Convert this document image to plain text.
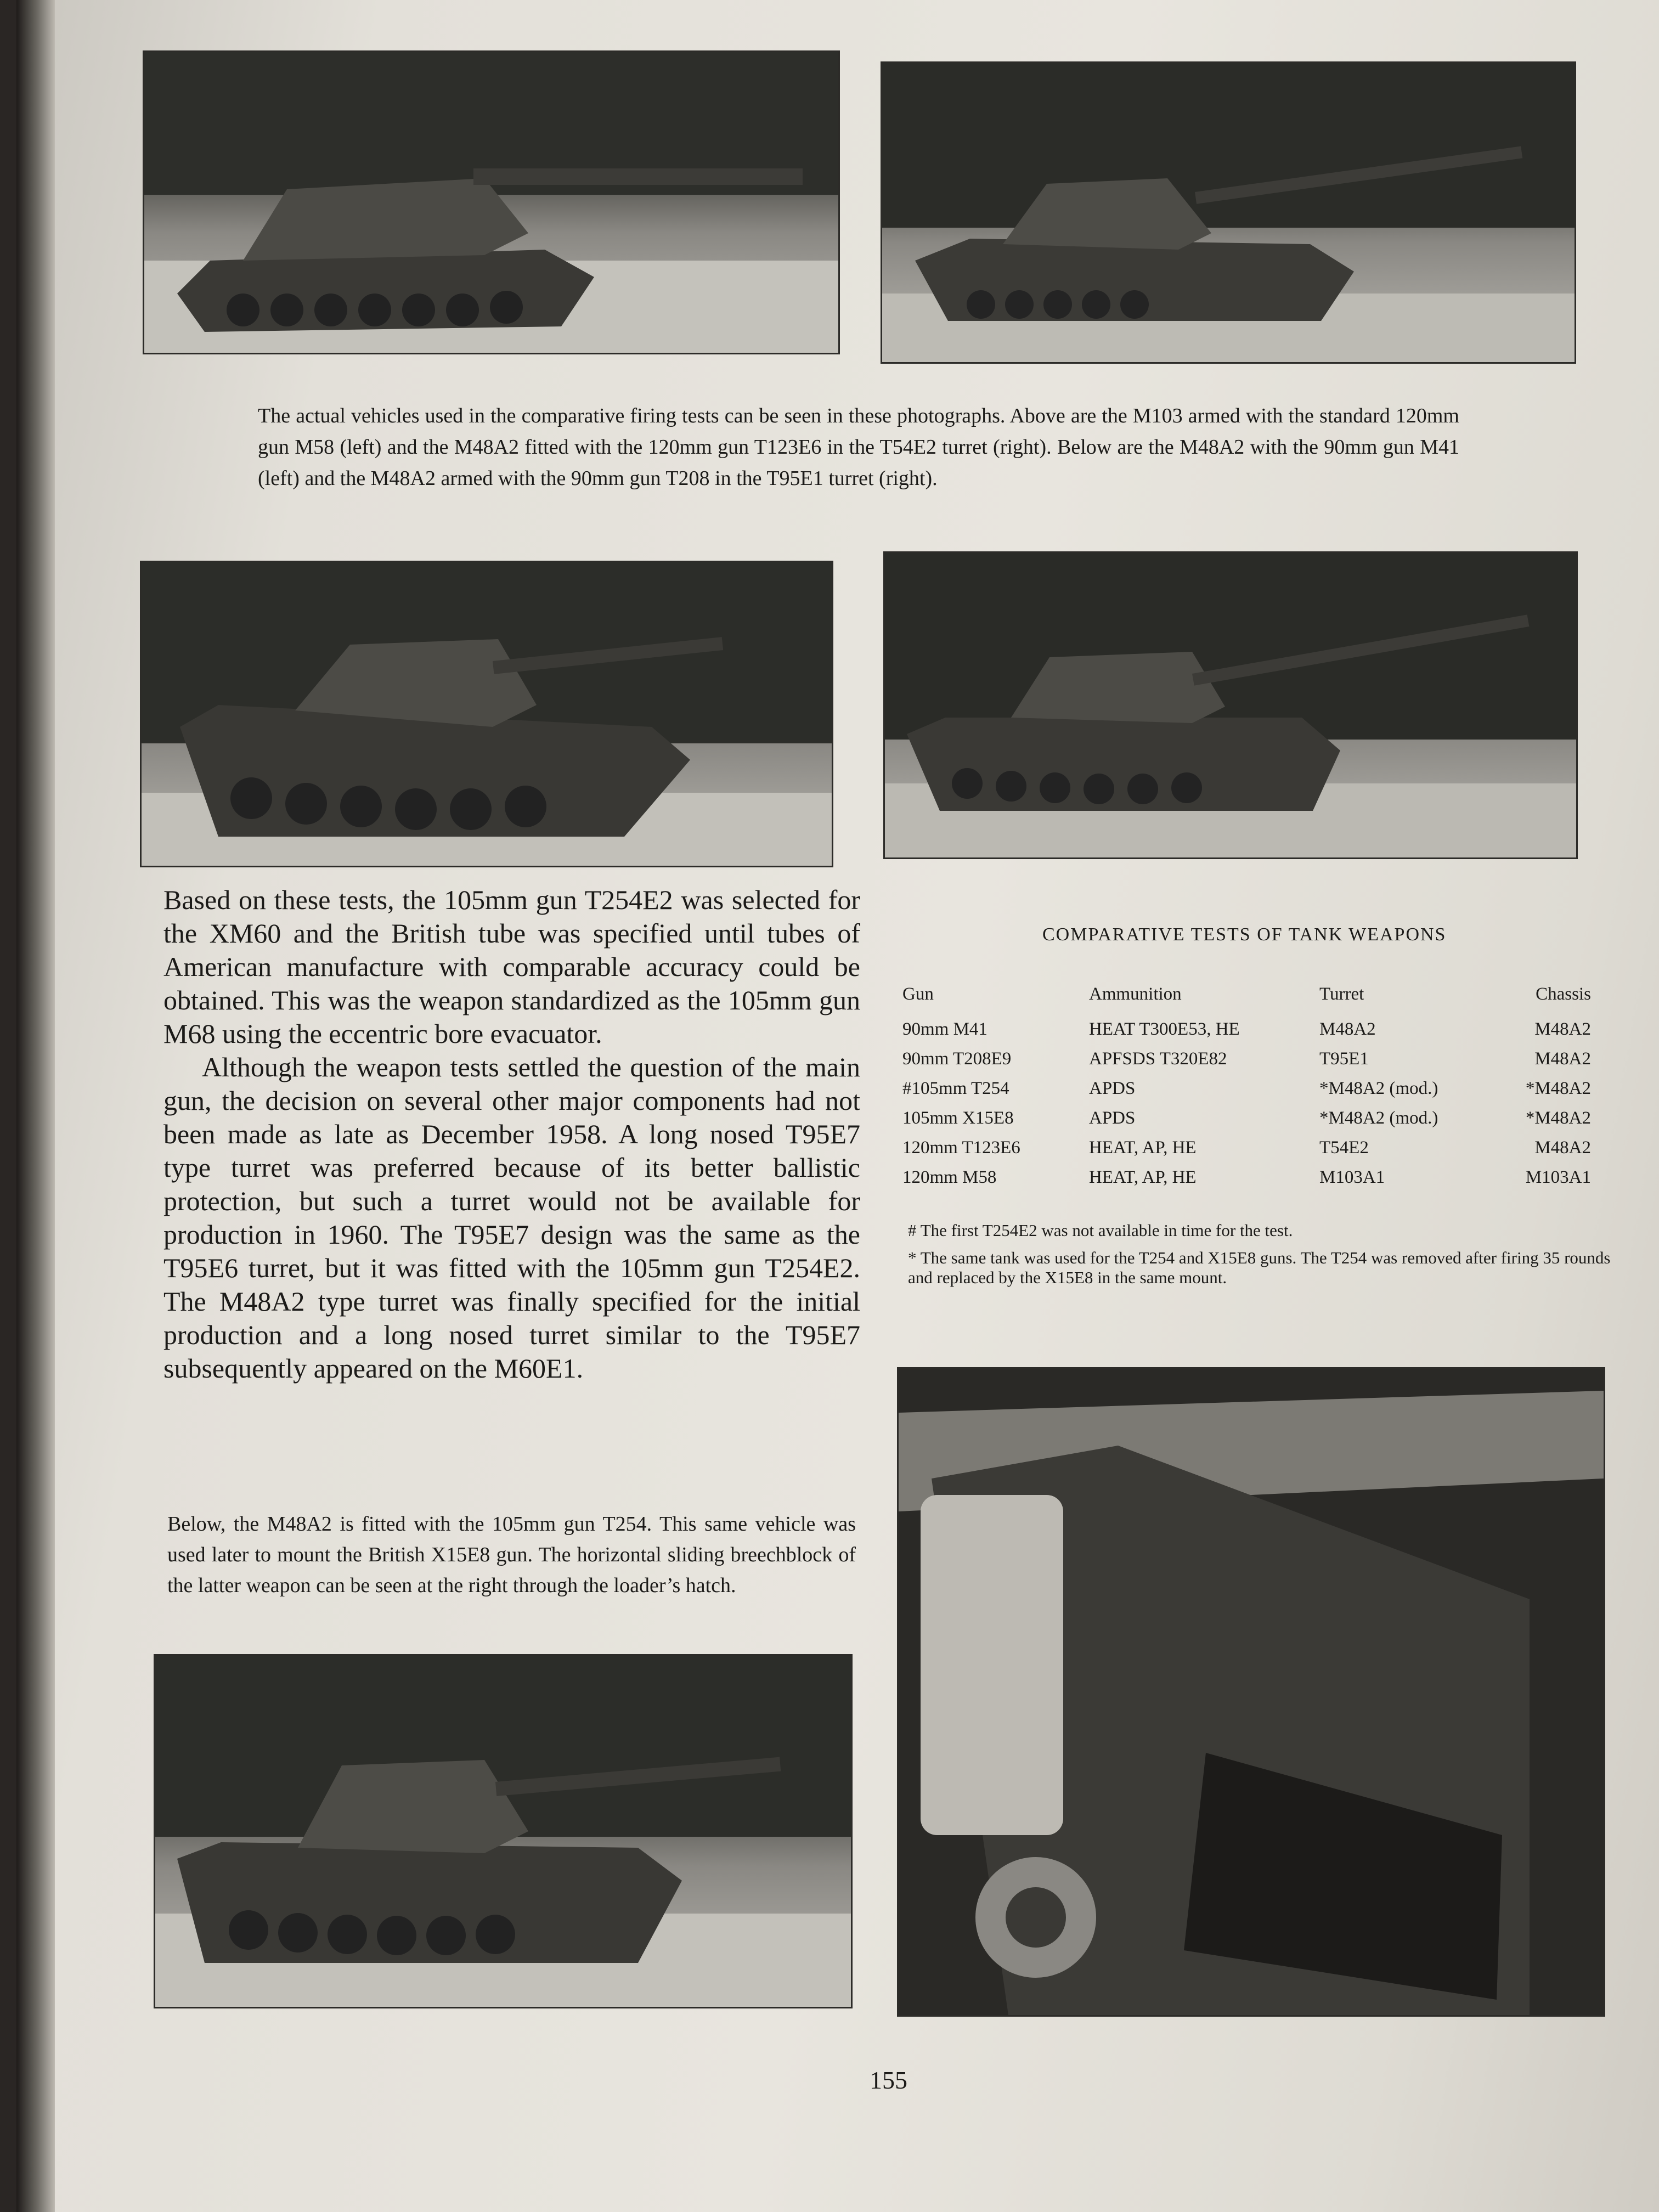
The actual vehicles used in the comparative firing tests can be seen in these photographs. Above are the M103 armed with the standard 120mm gun M58 (left) and the M48A2 fitted with the 120mm gun T123E6 in the T54E2 turret (right). Below are the M48A2 with the 90mm gun M41 (left) and the M48A2 armed with the 90mm gun T208 in the T95E1 turret (right).

Based on these tests, the 105mm gun T254E2 was selected for the XM60 and the British tube was specified until tubes of American manufacture with comparable accuracy could be obtained. This was the weapon standardized as the 105mm gun M68 using the eccentric bore evacuator.

Although the weapon tests settled the question of the main gun, the decision on several other major components had not been made as late as December 1958. A long nosed T95E7 type turret was preferred because of its better ballistic protection, but such a turret would not be available for production in 1960. The T95E7 design was the same as the T95E6 turret, but it was fitted with the 105mm gun T254E2. The M48A2 type turret was finally specified for the initial production and a long nosed turret similar to the T95E7 subsequently appeared on the M60E1.

COMPARATIVE TESTS OF TANK WEAPONS

Gun	Ammunition	Turret	Chassis
90mm M41	HEAT T300E53, HE	M48A2	M48A2
90mm T208E9	APFSDS T320E82	T95E1	M48A2
#105mm T254	APDS	*M48A2 (mod.)	*M48A2
105mm X15E8	APDS	*M48A2 (mod.)	*M48A2
120mm T123E6	HEAT, AP, HE	T54E2	M48A2
120mm M58	HEAT, AP, HE	M103A1	M103A1

# The first T254E2 was not available in time for the test.

* The same tank was used for the T254 and X15E8 guns. The T254 was removed after firing 35 rounds and replaced by the X15E8 in the same mount.

Below, the M48A2 is fitted with the 105mm gun T254. This same vehicle was used later to mount the British X15E8 gun. The horizontal sliding breechblock of the latter weapon can be seen at the right through the loader’s hatch.

155
